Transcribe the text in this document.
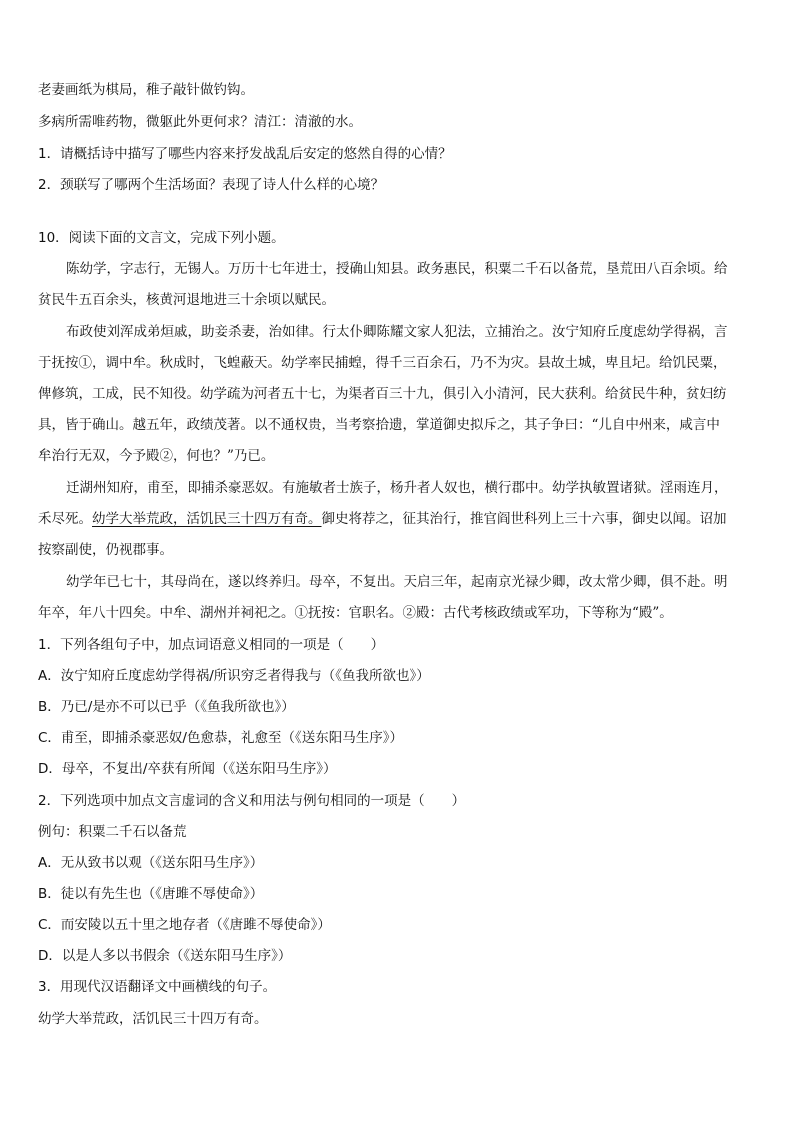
老妻画纸为棋局，稚子敲针做钓钩。
多病所需唯药物，微躯此外更何求？清江：清澈的水。
1．请概括诗中描写了哪些内容来抒发战乱后安定的悠然自得的心情？
2．颈联写了哪两个生活场面？表现了诗人什么样的心境？
10．阅读下面的文言文，完成下列小题。
陈幼学，字志行，无锡人。万历十七年进士，授确山知县。政务惠民，积粟二千石以备荒，垦荒田八百余顷。给
贫民牛五百余头，核黄河退地进三十余顷以赋民。
布政使刘浑成弟烜戚，助妾杀妻，治如律。行太仆卿陈耀文家人犯法，立捕治之。汝宁知府丘度虑幼学得祸，言
于抚按①，调中牟。秋成时，飞蝗蔽天。幼学率民捕蝗，得千三百余石，乃不为灾。县故土城，卑且圮。给饥民粟，
俾修筑，工成，民不知役。幼学疏为河者五十七，为渠者百三十九，俱引入小清河，民大获利。给贫民牛种，贫妇纺
具，皆于确山。越五年，政绩茂著。以不通权贵，当考察拾遗，掌道御史拟斥之，其子争曰：“儿自中州来，咸言中
牟治行无双，今予殿②，何也？”乃已。
迁湖州知府，甫至，即捕杀豪恶奴。有施敏者士族子，杨升者人奴也，横行郡中。幼学执敏置诸狱。淫雨连月，
禾尽死。幼学大举荒政，活饥民三十四万有奇。御史将荐之，征其治行，推官阎世科列上三十六事，御史以闻。诏加
按察副使，仍视郡事。
幼学年已七十，其母尚在，遂以终养归。母卒，不复出。天启三年，起南京光禄少卿，改太常少卿，俱不赴。明
年卒，年八十四矣。中牟、湖州并祠祀之。①抚按：官职名。②殿：古代考核政绩或军功，下等称为“殿”。
1．下列各组句子中，加点词语意义相同的一项是（　　）
A．汝宁知府丘度虑幼学得祸/所识穷乏者得我与（《鱼我所欲也》）
B．乃已/是亦不可以已乎（《鱼我所欲也》）
C．甫至，即捕杀豪恶奴/色愈恭，礼愈至（《送东阳马生序》）
D．母卒，不复出/卒获有所闻（《送东阳马生序》）
2．下列选项中加点文言虚词的含义和用法与例句相同的一项是（　　）
例句：积粟二千石以备荒
A．无从致书以观（《送东阳马生序》）
B．徒以有先生也（《唐雎不辱使命》）
C．而安陵以五十里之地存者（《唐雎不辱使命》）
D．以是人多以书假余（《送东阳马生序》）
3．用现代汉语翻译文中画横线的句子。
幼学大举荒政，活饥民三十四万有奇。
